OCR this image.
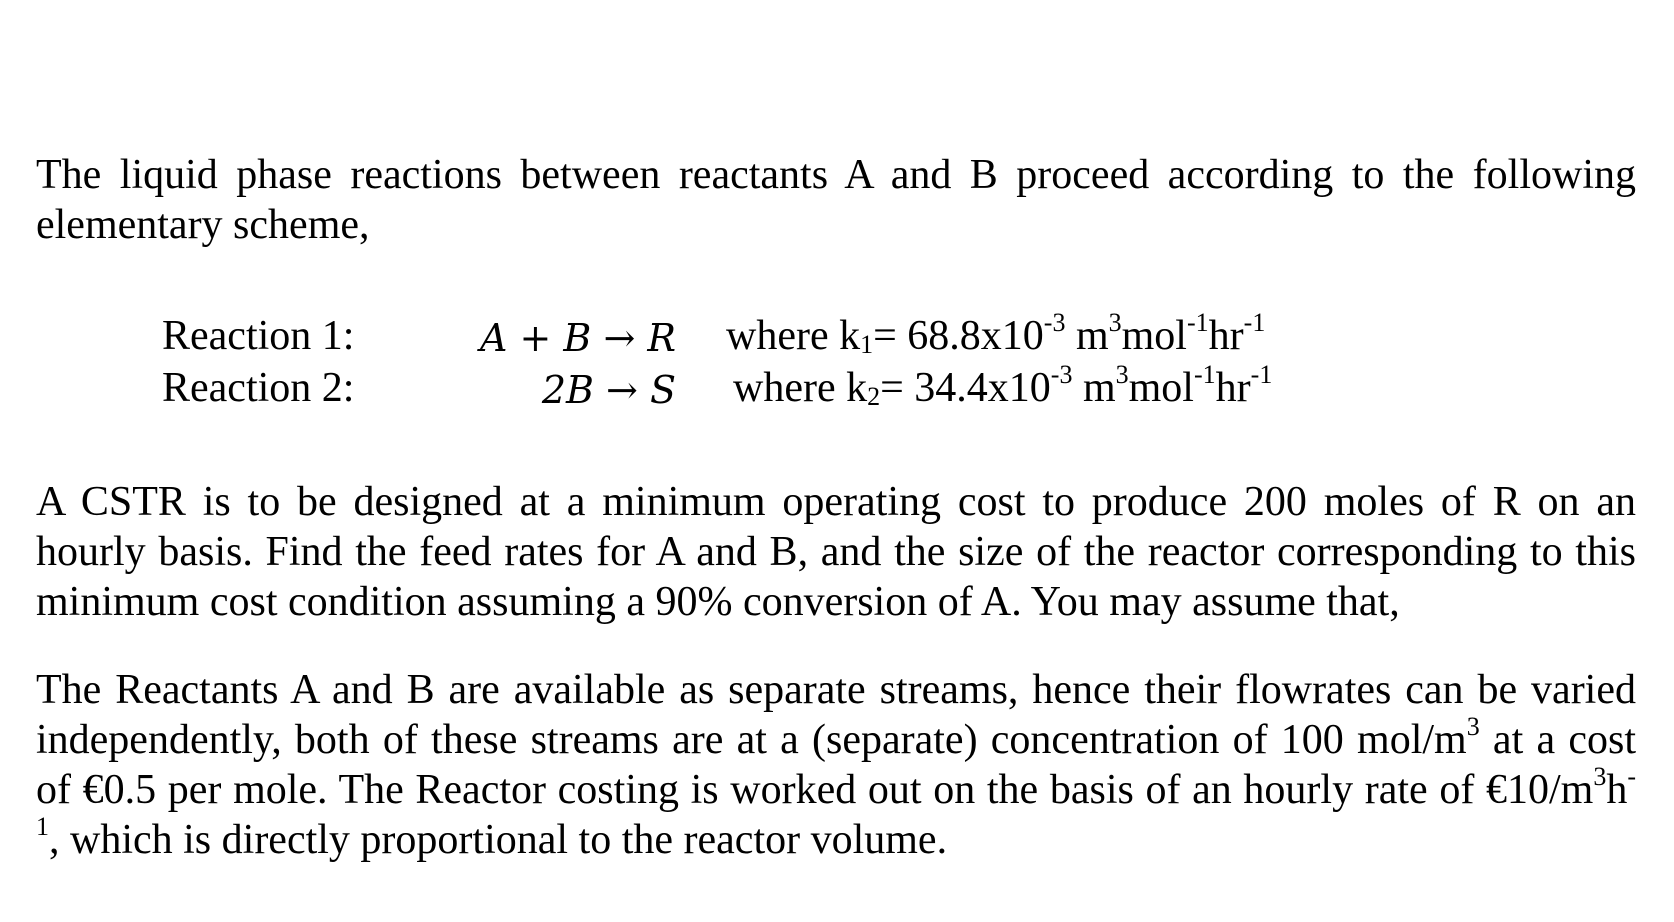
The liquid phase reactions between reactants A and B proceed according to the following elementary scheme,

Reaction 1:	A + B → R where $k_1= 68.8x10^{-3}$ $m^3mol^{-1}hr^{-1}$
Reaction 2:	2B → S where $k_2= 34.4x10^{-3}$ $m^3mol^{-1}hr^{-1}$

A CSTR is to be designed at a minimum operating cost to produce 200 moles of R on an hourly basis. Find the feed rates for A and B, and the size of the reactor corresponding to this minimum cost condition assuming a 90% conversion of A. You may assume that,

The Reactants A and B are available as separate streams, hence their flowrates can be varied independently, both of these streams are at a (separate) concentration of 100 mol/$m^3$ at a cost of €0.5 per mole. The Reactor costing is worked out on the basis of an hourly rate of $€10/m^3h^{-1}$, which is directly proportional to the reactor volume.
